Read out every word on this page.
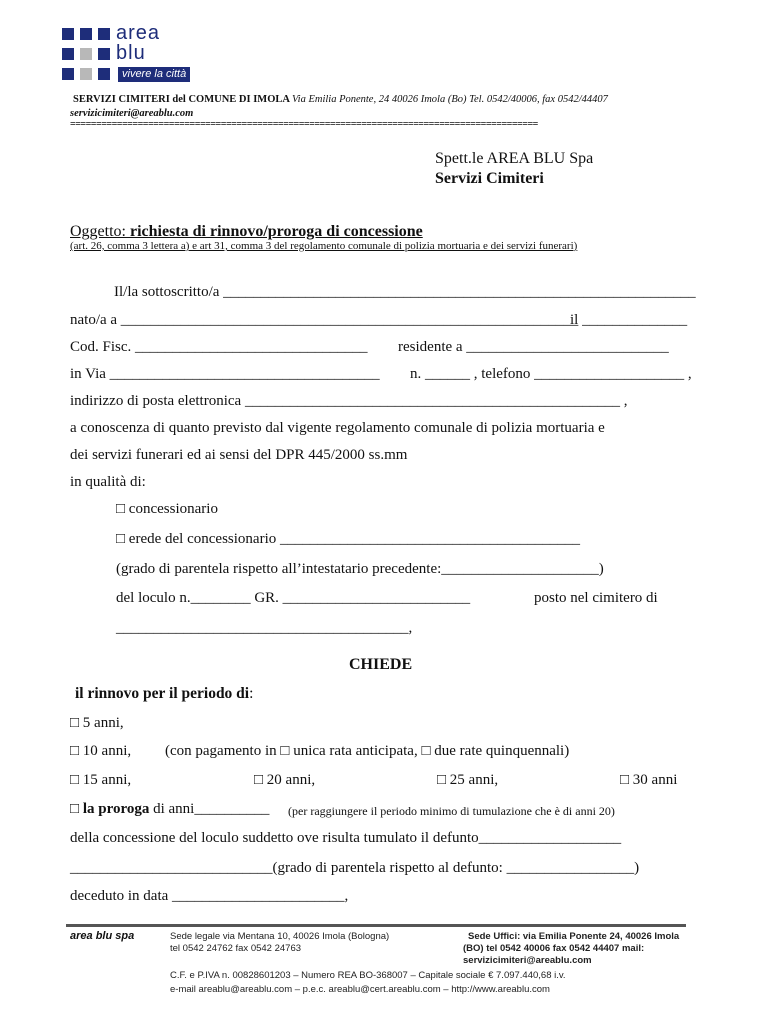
area
blu
vivere la città
SERVIZI CIMITERI del COMUNE DI IMOLA Via Emilia Ponente, 24 40026 Imola (Bo) Tel. 0542/40006, fax 0542/44407
servizicimiteri@areablu.com
==========================================================================================
Spett.le AREA BLU Spa
Servizi Cimiteri
Oggetto: richiesta di rinnovo/proroga di concessione
(art. 26, comma 3 lettera a) e art 31, comma 3 del regolamento comunale di polizia mortuaria e dei servizi funerari)
Il/la sottoscritto/a _______________________________________________________________
nato/a a _____________________________________________________________
il ______________
Cod. Fisc. _______________________________ residente a ___________________________
in Via ____________________________________ n. ______ , telefono ____________________ ,
indirizzo di posta elettronica __________________________________________________ ,
a conoscenza di quanto previsto dal vigente regolamento comunale di polizia mortuaria e
dei servizi funerari ed ai sensi del DPR 445/2000 ss.mm
in qualità di:
□ concessionario
□ erede del concessionario ________________________________________
(grado di parentela rispetto all’intestatario precedente:_____________________)
del loculo n.________ GR. _________________________	posto nel cimitero di
_______________________________________,
CHIEDE
il rinnovo per il periodo di:
□ 5 anni,
□ 10 anni, (con pagamento in □ unica rata anticipata, □ due rate quinquennali)
□ 15 anni,	□ 20 anni,	□ 25 anni,	□ 30 anni
□ la proroga di anni__________ (per raggiungere il periodo minimo di tumulazione che è di anni 20)
della concessione del loculo suddetto ove risulta tumulato il defunto___________________
___________________________(grado di parentela rispetto al defunto: _________________)
deceduto in data _______________________,
area blu spa	Sede legale via Mentana 10, 40026 Imola (Bologna)
tel 0542 24762 fax 0542 24763
Sede Uffici: via Emilia Ponente 24, 40026 Imola
(BO) tel 0542 40006 fax 0542 44407 mail:
servizicimiteri@areablu.com
C.F. e P.IVA n. 00828601203 – Numero REA BO-368007 – Capitale sociale € 7.097.440,68 i.v.
e-mail areablu@areablu.com – p.e.c. areablu@cert.areablu.com – http://www.areablu.com
